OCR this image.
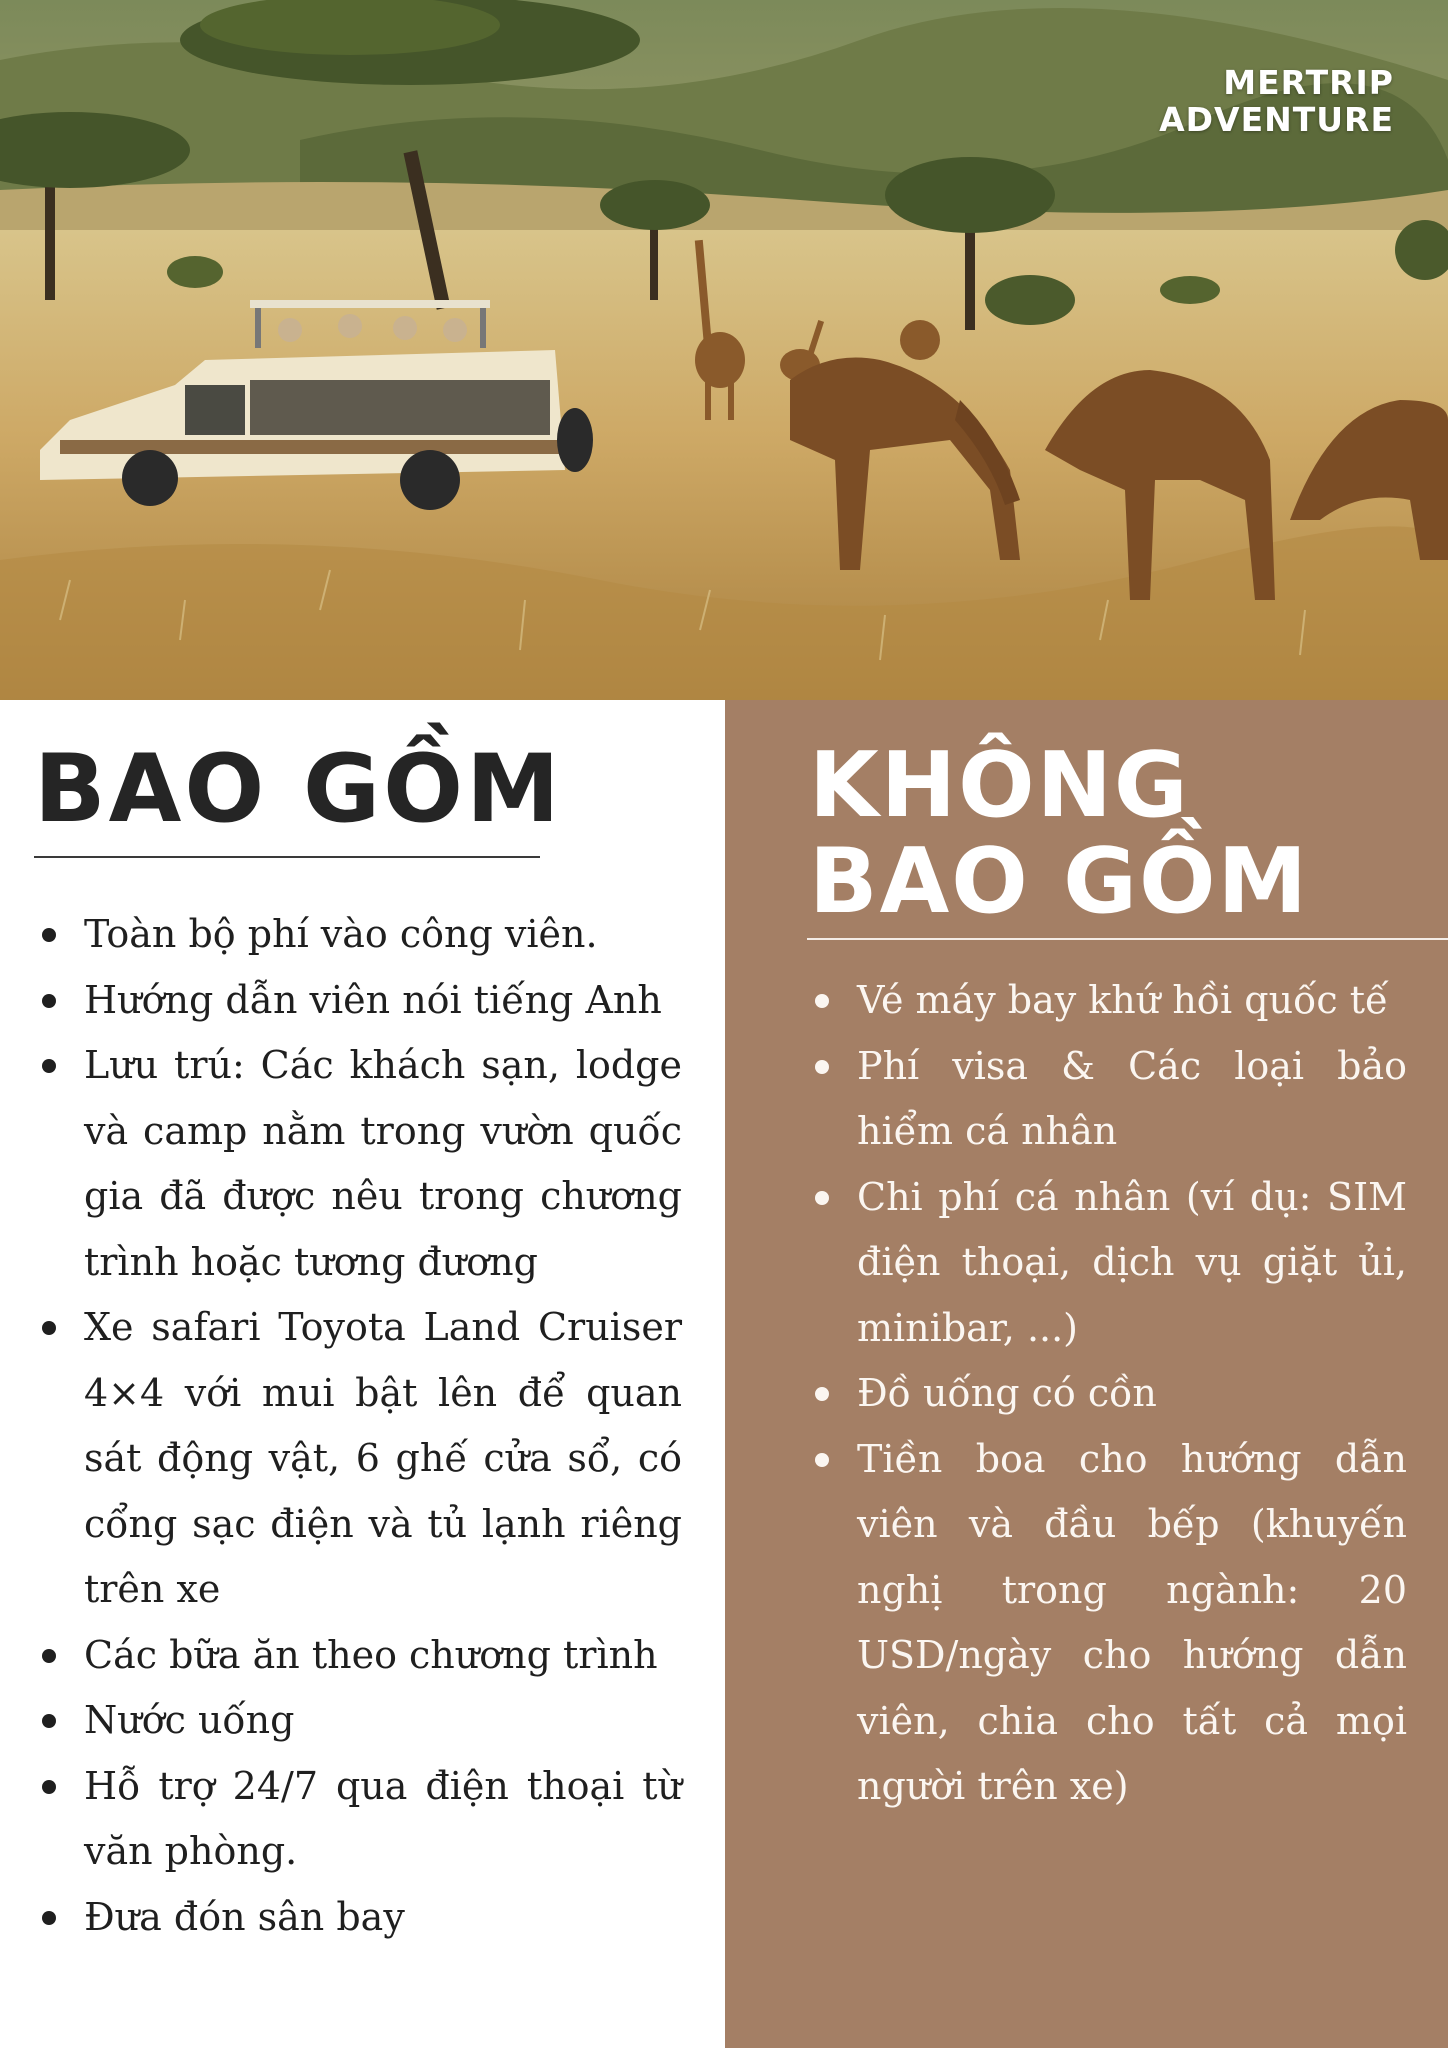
MERTRIP
ADVENTURE
BAO GỒM
Toàn bộ phí vào công viên.
Hướng dẫn viên nói tiếng Anh
Lưu trú: Các khách sạn, lodge và camp nằm trong vườn quốc gia đã được nêu trong chương trình hoặc tương đương
Xe safari Toyota Land Cruiser 4×4 với mui bật lên để quan sát động vật, 6 ghế cửa sổ, có cổng sạc điện và tủ lạnh riêng trên xe
Các bữa ăn theo chương trình
Nước uống
Hỗ trợ 24/7 qua điện thoại từ văn phòng.
Đưa đón sân bay
KHÔNG
BAO GỒM
Vé máy bay khứ hồi quốc tế
Phí visa & Các loại bảo hiểm cá nhân
Chi phí cá nhân (ví dụ: SIM điện thoại, dịch vụ giặt ủi, minibar, ...)
Đồ uống có cồn
Tiền boa cho hướng dẫn viên và đầu bếp (khuyến nghị trong ngành: 20 USD/ngày cho hướng dẫn viên, chia cho tất cả mọi người trên xe)
